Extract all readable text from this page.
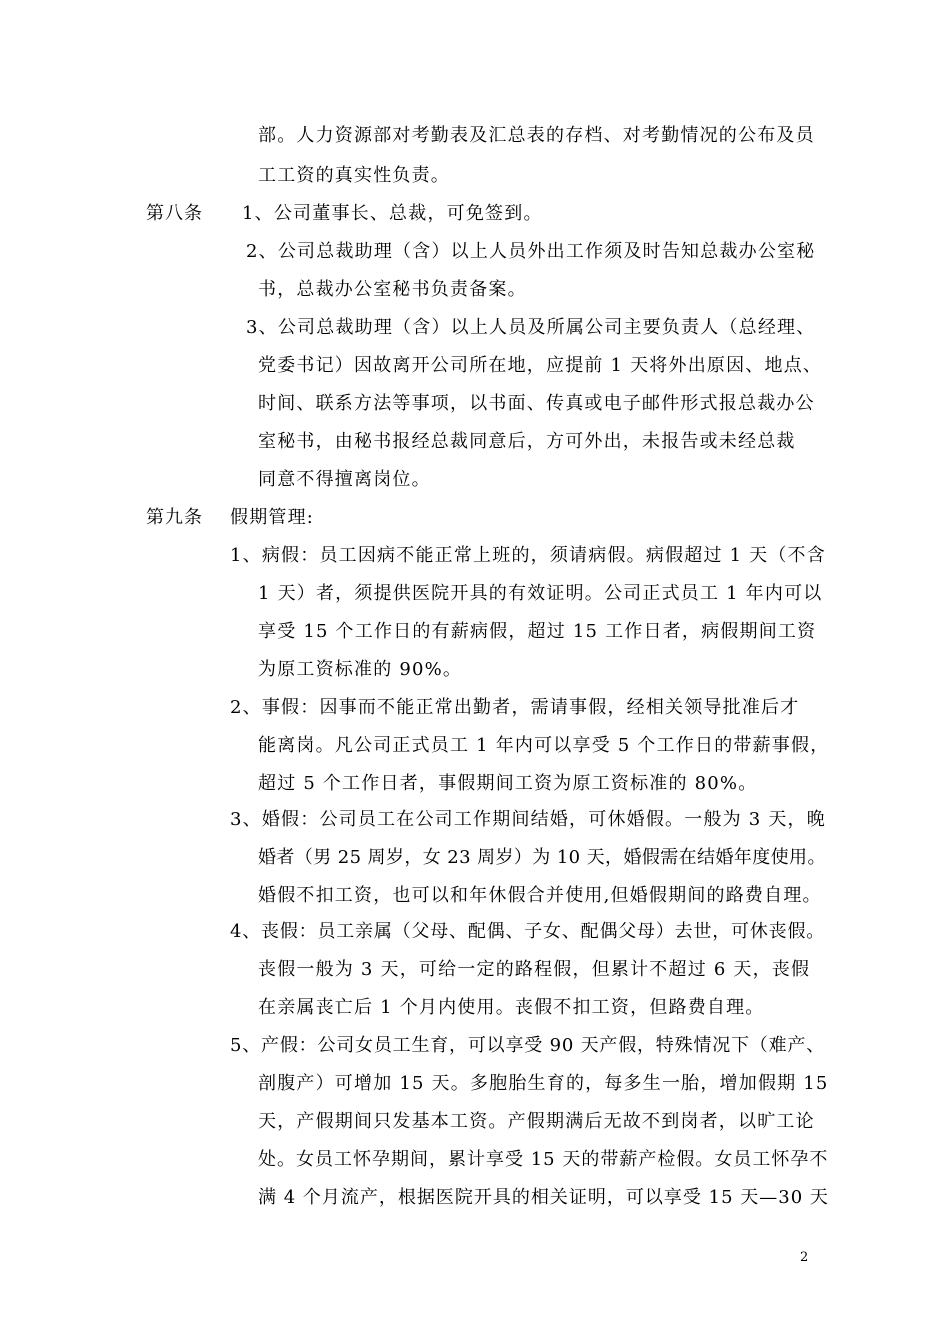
部。人力资源部对考勤表及汇总表的存档、对考勤情况的公布及员
工工资的真实性负责。
第八条 1、公司董事长、总裁，可免签到。
2、公司总裁助理（含）以上人员外出工作须及时告知总裁办公室秘
书，总裁办公室秘书负责备案。
3、公司总裁助理（含）以上人员及所属公司主要负责人（总经理、
党委书记）因故离开公司所在地，应提前 1 天将外出原因、地点、
时间、联系方法等事项，以书面、传真或电子邮件形式报总裁办公
室秘书，由秘书报经总裁同意后，方可外出，未报告或未经总裁
同意不得擅离岗位。
第九条 假期管理:
1、病假：员工因病不能正常上班的，须请病假。病假超过 1 天（不含
1 天）者，须提供医院开具的有效证明。公司正式员工 1 年内可以
享受 15 个工作日的有薪病假，超过 15 工作日者，病假期间工资
为原工资标准的 90%。
2、事假：因事而不能正常出勤者，需请事假，经相关领导批准后才
能离岗。凡公司正式员工 1 年内可以享受 5 个工作日的带薪事假，
超过 5 个工作日者，事假期间工资为原工资标准的 80%。
3、婚假：公司员工在公司工作期间结婚，可休婚假。一般为 3 天，晚
婚者（男 25 周岁，女 23 周岁）为 10 天，婚假需在结婚年度使用。
婚假不扣工资，也可以和年休假合并使用,但婚假期间的路费自理。
4、丧假：员工亲属（父母、配偶、子女、配偶父母）去世，可休丧假。
丧假一般为 3 天，可给一定的路程假，但累计不超过 6 天，丧假
在亲属丧亡后 1 个月内使用。丧假不扣工资，但路费自理。
5、产假：公司女员工生育，可以享受 90 天产假，特殊情况下（难产、
剖腹产）可增加 15 天。多胞胎生育的，每多生一胎，增加假期 15
天，产假期间只发基本工资。产假期满后无故不到岗者，以旷工论
处。女员工怀孕期间，累计享受 15 天的带薪产检假。女员工怀孕不
满 4 个月流产，根据医院开具的相关证明，可以享受 15 天—30 天
2
